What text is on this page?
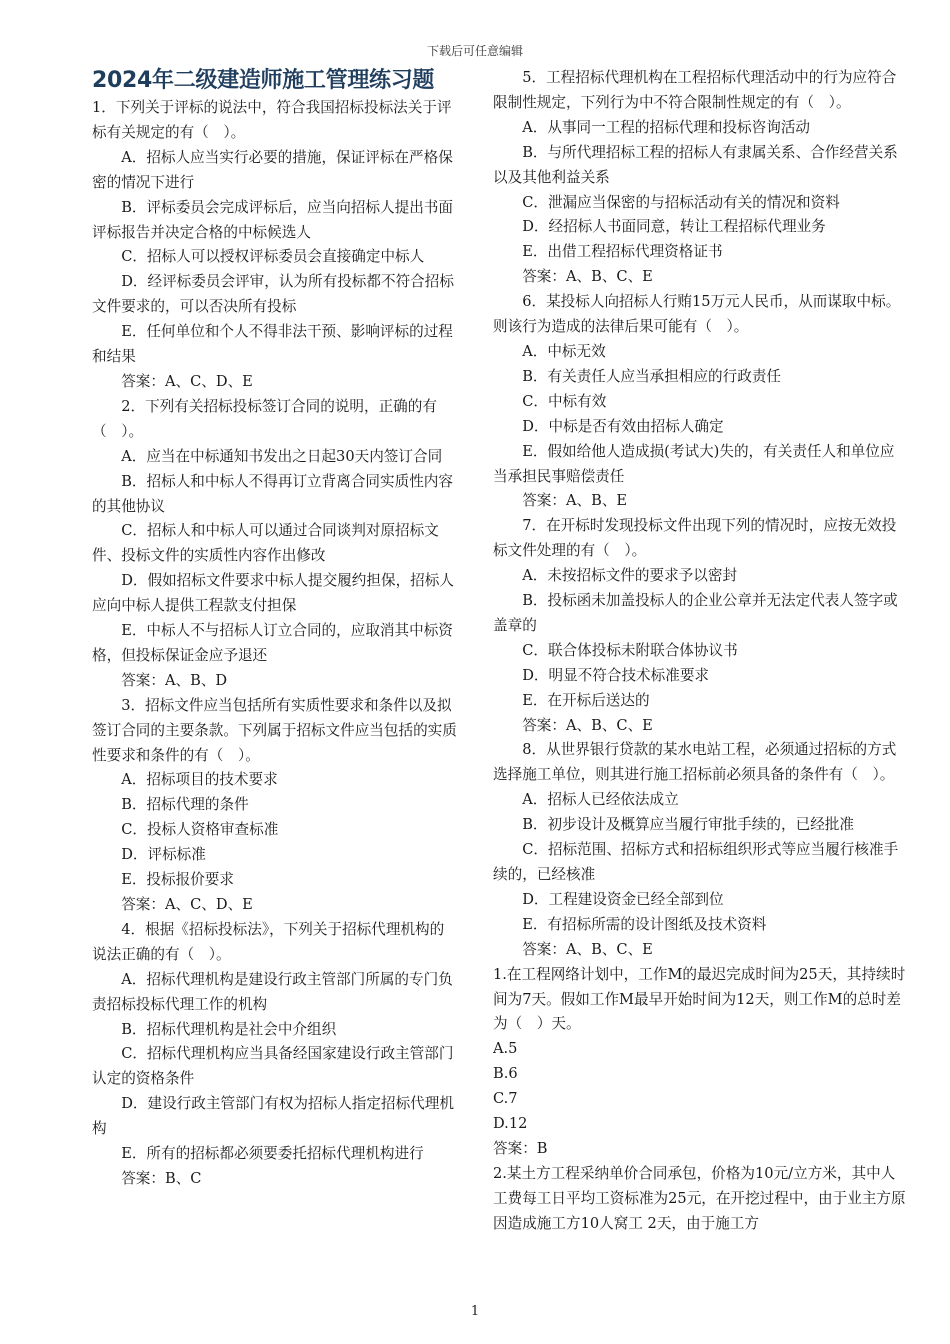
下载后可任意编辑
2024年二级建造师施工管理练习题

1．下列关于评标的说法中，符合我国招标投标法关于评标有关规定的有（　）。

A．招标人应当实行必要的措施，保证评标在严格保密的情况下进行

B．评标委员会完成评标后，应当向招标人提出书面评标报告并决定合格的中标候选人

C．招标人可以授权评标委员会直接确定中标人

D．经评标委员会评审，认为所有投标都不符合招标文件要求的，可以否决所有投标

E．任何单位和个人不得非法干预、影响评标的过程和结果

答案：A、C、D、E

2．下列有关招标投标签订合同的说明，正确的有（　）。

A．应当在中标通知书发出之日起30天内签订合同

B．招标人和中标人不得再订立背离合同实质性内容的其他协议

C．招标人和中标人可以通过合同谈判对原招标文件、投标文件的实质性内容作出修改

D．假如招标文件要求中标人提交履约担保，招标人应向中标人提供工程款支付担保

E．中标人不与招标人订立合同的，应取消其中标资格，但投标保证金应予退还

答案：A、B、D

3．招标文件应当包括所有实质性要求和条件以及拟签订合同的主要条款。下列属于招标文件应当包括的实质性要求和条件的有（　）。

A．招标项目的技术要求

B．招标代理的条件

C．投标人资格审查标准

D．评标标准

E．投标报价要求

答案：A、C、D、E

4．根据《招标投标法》，下列关于招标代理机构的说法正确的有（　）。

A．招标代理机构是建设行政主管部门所属的专门负责招标投标代理工作的机构

B．招标代理机构是社会中介组织

C．招标代理机构应当具备经国家建设行政主管部门认定的资格条件

D．建设行政主管部门有权为招标人指定招标代理机构

E．所有的招标都必须要委托招标代理机构进行

答案：B、C

5．工程招标代理机构在工程招标代理活动中的行为应符合限制性规定，下列行为中不符合限制性规定的有（　）。

A．从事同一工程的招标代理和投标咨询活动

B．与所代理招标工程的招标人有隶属关系、合作经营关系以及其他利益关系

C．泄漏应当保密的与招标活动有关的情况和资料

D．经招标人书面同意，转让工程招标代理业务

E．出借工程招标代理资格证书

答案：A、B、C、E

6．某投标人向招标人行贿15万元人民币，从而谋取中标。则该行为造成的法律后果可能有（　）。

A．中标无效

B．有关责任人应当承担相应的行政责任

C．中标有效

D．中标是否有效由招标人确定

E．假如给他人造成损(考试大)失的，有关责任人和单位应当承担民事赔偿责任

答案：A、B、E

7．在开标时发现投标文件出现下列的情况时，应按无效投标文件处理的有（　）。

A．未按招标文件的要求予以密封

B．投标函未加盖投标人的企业公章并无法定代表人签字或盖章的

C．联合体投标未附联合体协议书

D．明显不符合技术标准要求

E．在开标后送达的

答案：A、B、C、E

8．从世界银行贷款的某水电站工程，必须通过招标的方式选择施工单位，则其进行施工招标前必须具备的条件有（　）。

A．招标人已经依法成立

B．初步设计及概算应当履行审批手续的，已经批准

C．招标范围、招标方式和招标组织形式等应当履行核准手续的，已经核准

D．工程建设资金已经全部到位

E．有招标所需的设计图纸及技术资料

答案：A、B、C、E

1.在工程网络计划中，工作M的最迟完成时间为25天，其持续时间为7天。假如工作M最早开始时间为12天，则工作M的总时差为（　）天。

A.5

B.6

C.7

D.12

答案：B

2.某土方工程采纳单价合同承包，价格为10元/立方米，其中人工费每工日平均工资标准为25元，在开挖过程中，由于业主方原因造成施工方10人窝工 2天，由于施工方

1
